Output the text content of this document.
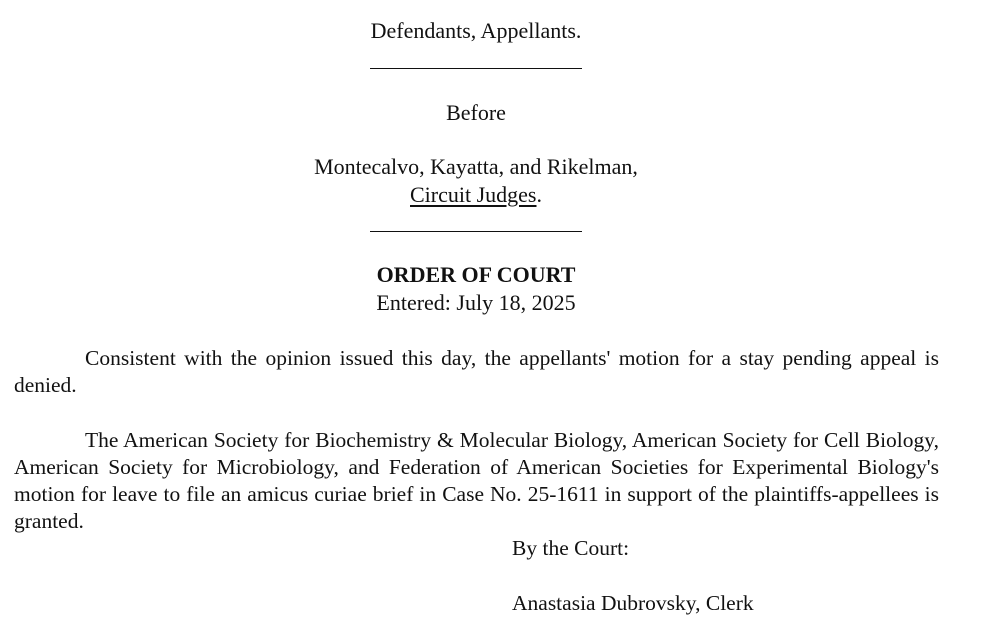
Defendants, Appellants.
Before
Montecalvo, Kayatta, and Rikelman,
Circuit Judges.
ORDER OF COURT
Entered: July 18, 2025
Consistent with the opinion issued this day, the appellants' motion for a stay pending appeal is denied.
The American Society for Biochemistry & Molecular Biology, American Society for Cell Biology, American Society for Microbiology, and Federation of American Societies for Experimental Biology's motion for leave to file an amicus curiae brief in Case No. 25-1611 in support of the plaintiffs-appellees is granted.
By the Court:
Anastasia Dubrovsky, Clerk
